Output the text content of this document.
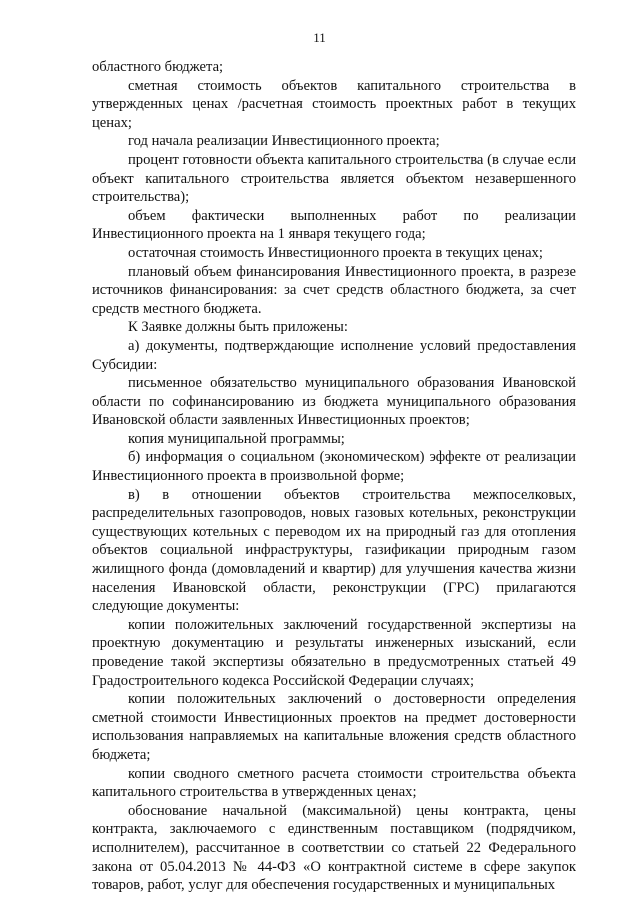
11

областного бюджета;

сметная стоимость объектов капитального строительства в утвержденных ценах /расчетная стоимость проектных работ в текущих ценах;

год начала реализации Инвестиционного проекта;

процент готовности объекта капитального строительства (в случае если объект капитального строительства является объектом незавершенного строительства);

объем фактически выполненных работ по реализации Инвестиционного проекта на 1 января текущего года;

остаточная стоимость Инвестиционного проекта в текущих ценах;

плановый объем финансирования Инвестиционного проекта, в разрезе источников финансирования: за счет средств областного бюджета, за счет средств местного бюджета.

К Заявке должны быть приложены:

а) документы, подтверждающие исполнение условий предоставления Субсидии:

письменное обязательство муниципального образования Ивановской области по софинансированию из бюджета муниципального образования Ивановской области заявленных Инвестиционных проектов;

копия муниципальной программы;

б) информация о социальном (экономическом) эффекте от реализации Инвестиционного проекта в произвольной форме;

в) в отношении объектов строительства межпоселковых, распределительных газопроводов, новых газовых котельных, реконструкции существующих котельных с переводом их на природный газ для отопления объектов социальной инфраструктуры, газификации природным газом жилищного фонда (домовладений и квартир) для улучшения качества жизни населения Ивановской области, реконструкции (ГРС) прилагаются следующие документы:

копии положительных заключений государственной экспертизы на проектную документацию и результаты инженерных изысканий, если проведение такой экспертизы обязательно в предусмотренных статьей 49 Градостроительного кодекса Российской Федерации случаях;

копии положительных заключений о достоверности определения сметной стоимости Инвестиционных проектов на предмет достоверности использования направляемых на капитальные вложения средств областного бюджета;

копии сводного сметного расчета стоимости строительства объекта капитального строительства в утвержденных ценах;

обоснование начальной (максимальной) цены контракта, цены контракта, заключаемого с единственным поставщиком (подрядчиком, исполнителем), рассчитанное в соответствии со статьей 22 Федерального закона от 05.04.2013 № 44-ФЗ «О контрактной системе в сфере закупок товаров, работ, услуг для обеспечения государственных и муниципальных
